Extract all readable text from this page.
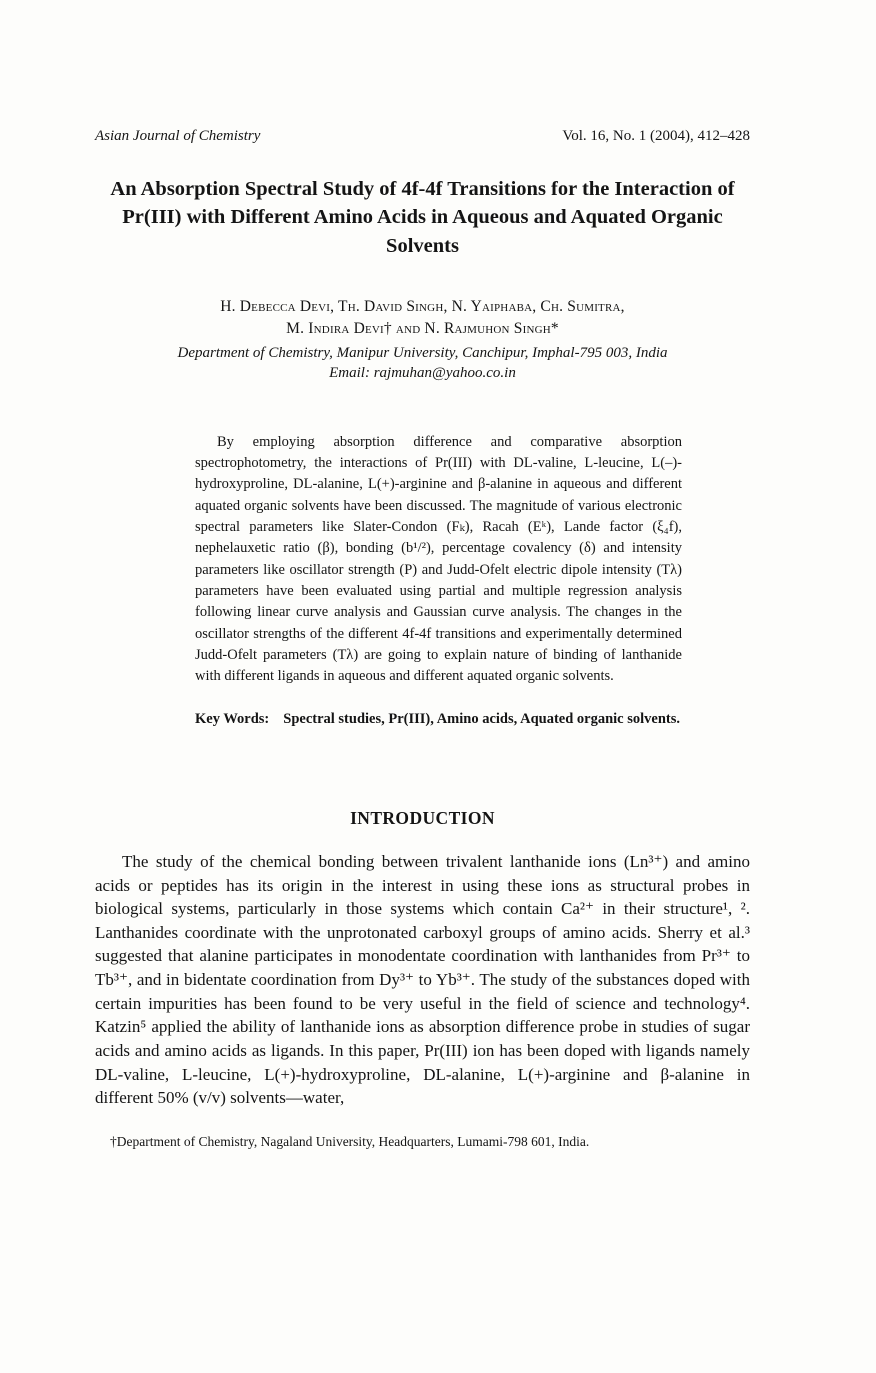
Asian Journal of Chemistry	Vol. 16, No. 1 (2004), 412–428
An Absorption Spectral Study of 4f-4f Transitions for the Interaction of Pr(III) with Different Amino Acids in Aqueous and Aquated Organic Solvents
H. Debecca Devi, Th. David Singh, N. Yaiphaba, Ch. Sumitra,
M. Indira Devi† and N. Rajmuhon Singh*
Department of Chemistry, Manipur University, Canchipur, Imphal-795 003, India
Email: rajmuhan@yahoo.co.in

By employing absorption difference and comparative absorption spectrophotometry, the interactions of Pr(III) with DL-valine, L-leucine, L(–)-hydroxyproline, DL-alanine, L(+)-arginine and β-alanine in aqueous and different aquated organic solvents have been discussed. The magnitude of various electronic spectral parameters like Slater-Condon (Fₖ), Racah (Eᵏ), Lande factor (ξ₄f), nephelauxetic ratio (β), bonding (b¹/²), percentage covalency (δ) and intensity parameters like oscillator strength (P) and Judd-Ofelt electric dipole intensity (Tλ) parameters have been evaluated using partial and multiple regression analysis following linear curve analysis and Gaussian curve analysis. The changes in the oscillator strengths of the different 4f-4f transitions and experimentally determined Judd-Ofelt parameters (Tλ) are going to explain nature of binding of lanthanide with different ligands in aqueous and different aquated organic solvents.

Key Words: Spectral studies, Pr(III), Amino acids, Aquated organic solvents.

INTRODUCTION

The study of the chemical bonding between trivalent lanthanide ions (Ln³⁺) and amino acids or peptides has its origin in the interest in using these ions as structural probes in biological systems, particularly in those systems which contain Ca²⁺ in their structure¹, ². Lanthanides coordinate with the unprotonated carboxyl groups of amino acids. Sherry et al.³ suggested that alanine participates in monodentate coordination with lanthanides from Pr³⁺ to Tb³⁺, and in bidentate coordination from Dy³⁺ to Yb³⁺. The study of the substances doped with certain impurities has been found to be very useful in the field of science and technology⁴. Katzin⁵ applied the ability of lanthanide ions as absorption difference probe in studies of sugar acids and amino acids as ligands. In this paper, Pr(III) ion has been doped with ligands namely DL-valine, L-leucine, L(+)-hydroxyproline, DL-alanine, L(+)-arginine and β-alanine in different 50% (v/v) solvents—water,

†Department of Chemistry, Nagaland University, Headquarters, Lumami-798 601, India.
